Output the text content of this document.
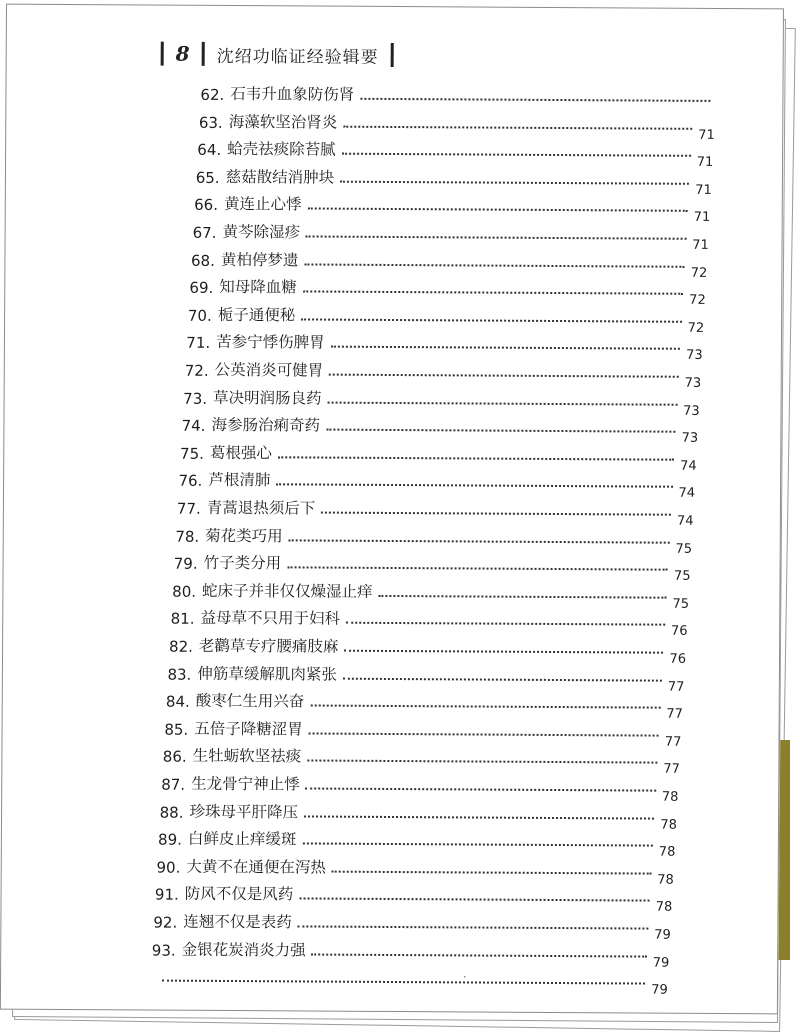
8 沈绍功临证经验辑要
62. 石韦升血象防伤肾
63. 海藻软坚治肾炎
71
64. 蛤壳祛痰除苔腻
71
65. 慈菇散结消肿块
71
66. 黄连止心悸
71
67. 黄芩除湿疹
71
68. 黄柏停梦遗
72
69. 知母降血糖
72
70. 栀子通便秘
72
71. 苦参宁悸伤脾胃
73
72. 公英消炎可健胃
73
73. 草决明润肠良药
73
74. 海参肠治痢奇药
73
75. 葛根强心
74
76. 芦根清肺
74
77. 青蒿退热须后下
74
78. 菊花类巧用
75
79. 竹子类分用
75
80. 蛇床子并非仅仅燥湿止痒
75
81. 益母草不只用于妇科
76
82. 老鹳草专疗腰痛肢麻
76
83. 伸筋草缓解肌肉紧张
77
84. 酸枣仁生用兴奋
77
85. 五倍子降糖涩胃
77
86. 生牡蛎软坚祛痰
77
87. 生龙骨宁神止悸
78
88. 珍珠母平肝降压
78
89. 白鲜皮止痒缓斑
78
90. 大黄不在通便在泻热
78
91. 防风不仅是风药
78
92. 连翘不仅是表药
79
93. 金银花炭消炎力强
79
79
.
